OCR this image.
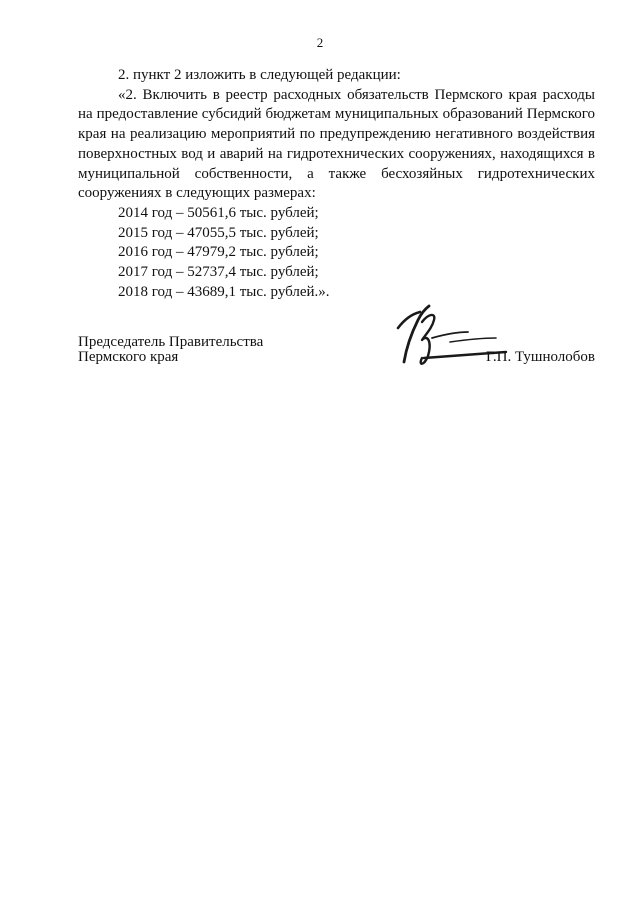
2

2. пункт 2 изложить в следующей редакции:

«2. Включить в реестр расходных обязательств Пермского края расходы на предоставление субсидий бюджетам муниципальных образований Пермского края на реализацию мероприятий по предупреждению негативного воздействия поверхностных вод и аварий на гидротехнических сооружениях, находящихся в муниципальной собственности, а также бесхозяйных гидротехнических сооружениях в следующих размерах:

2014 год – 50561,6 тыс. рублей;
2015 год – 47055,5 тыс. рублей;
2016 год – 47979,2 тыс. рублей;
2017 год – 52737,4 тыс. рублей;
2018 год – 43689,1 тыс. рублей.».
Председатель Правительства
Пермского края	Г.П. Тушнолобов
